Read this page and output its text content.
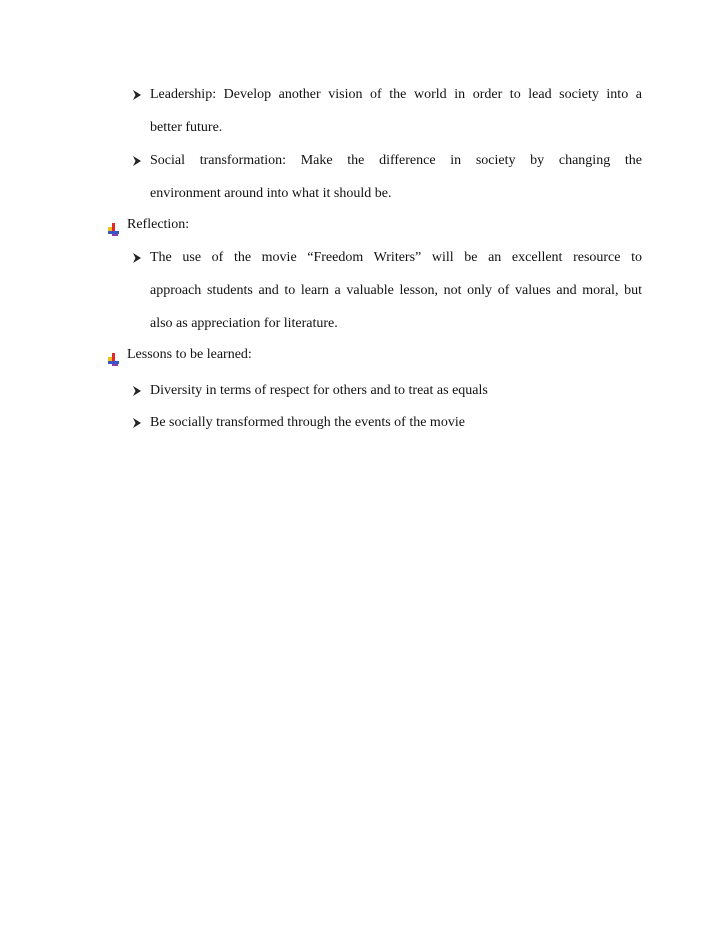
Leadership: Develop another vision of the world in order to lead society into a
better future.
Social transformation: Make the difference in society by changing the
environment around into what it should be.
Reflection:
The use of the movie “Freedom Writers” will be an excellent resource to
approach students and to learn a valuable lesson, not only of values and moral, but
also as appreciation for literature.
Lessons to be learned:
Diversity in terms of respect for others and to treat as equals
Be socially transformed through the events of the movie
